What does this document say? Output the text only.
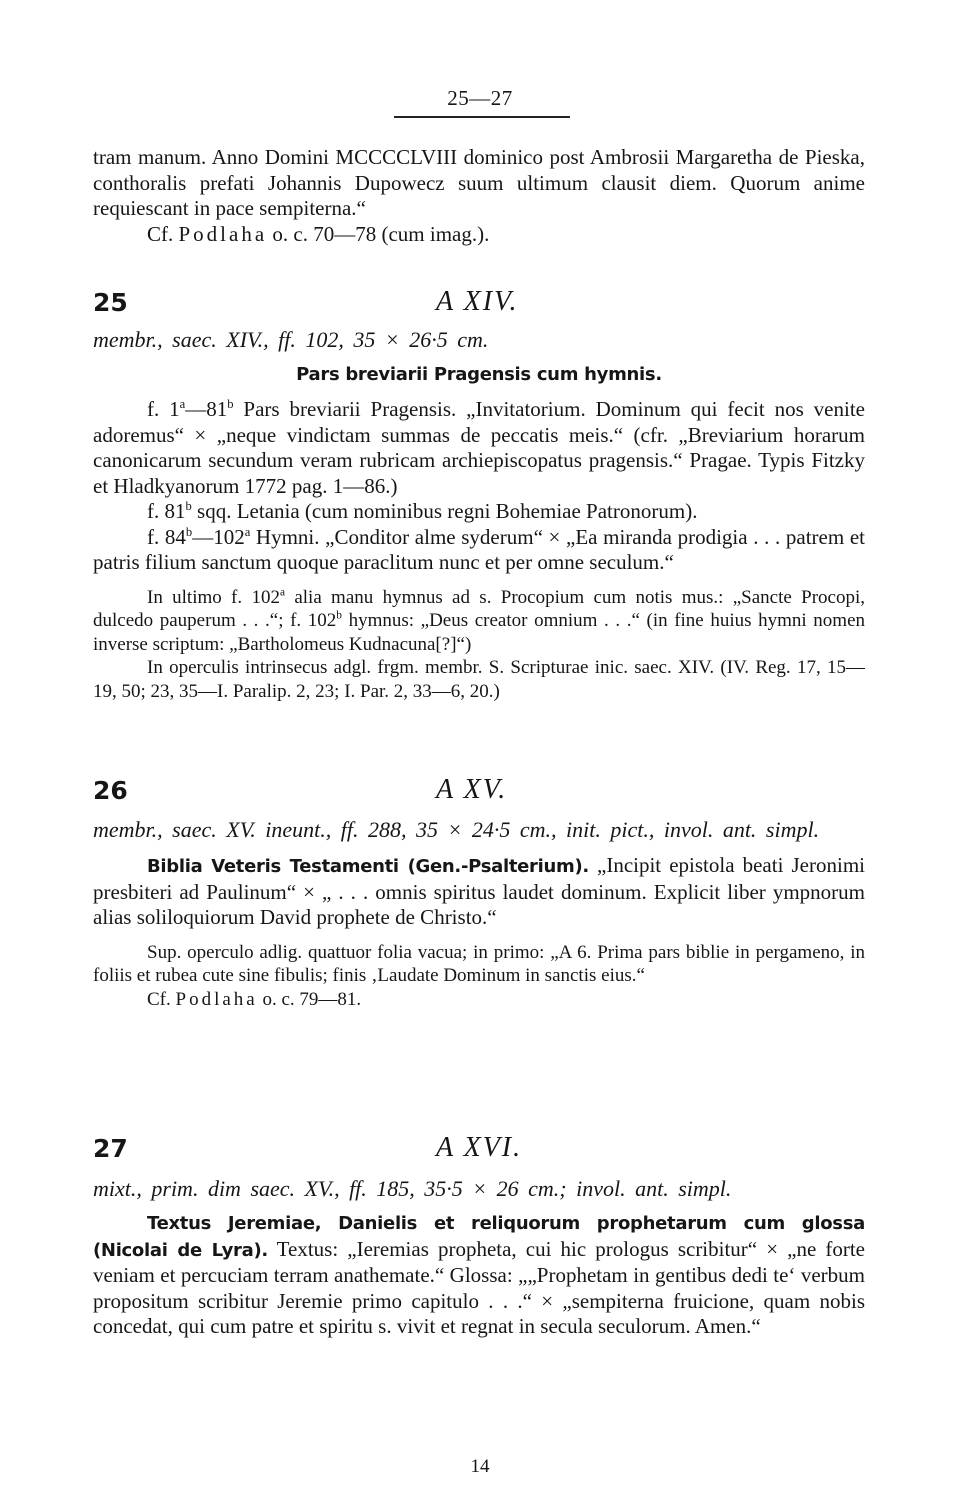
25—27

tram manum. Anno Domini MCCCCLVIII dominico post Ambrosii Margaretha de Pieska, conthoralis prefati Johannis Dupowecz suum ultimum clausit diem. Quorum anime requiescant in pace sempiterna.“

Cf. Podlaha o. c. 70—78 (cum imag.).

25	A XIV.

membr., saec. XIV., ff. 102, 35 × 26·5 cm.

Pars breviarii Pragensis cum hymnis.

f. 1$^a$—81$^b$ Pars breviarii Pragensis. „Invitatorium. Dominum qui fecit nos venite adoremus“ × „neque vindictam summas de peccatis meis.“ (cfr. „Breviarium horarum canonicarum secundum veram rubricam archiepiscopatus pragensis.“ Pragae. Typis Fitzky et Hladkyanorum 1772 pag. 1—86.)

f. 81$^b$ sqq. Letania (cum nominibus regni Bohemiae Patronorum).

f. 84$^b$—102$^a$ Hymni. „Conditor alme syderum“ × „Ea miranda prodigia . . . patrem et patris filium sanctum quoque paraclitum nunc et per omne seculum.“

In ultimo f. 102$^a$ alia manu hymnus ad s. Procopium cum notis mus.: „Sancte Procopi, dulcedo pauperum . . .“; f. 102$^b$ hymnus: „Deus creator omnium . . .“ (in fine huius hymni nomen inverse scriptum: „Bartholomeus Kudnacuna[?]“)

In operculis intrinsecus adgl. frgm. membr. S. Scripturae inic. saec. XIV. (IV. Reg. 17, 15—19, 50; 23, 35—I. Paralip. 2, 23; I. Par. 2, 33—6, 20.)

26	A XV.

membr., saec. XV. ineunt., ff. 288, 35 × 24·5 cm., init. pict., invol. ant. simpl.

Biblia Veteris Testamenti (Gen.-Psalterium). „Incipit epistola beati Jeronimi presbiteri ad Paulinum“ × „ . . . omnis spiritus laudet dominum. Explicit liber ympnorum alias soliloquiorum David prophete de Christo.“

Sup. operculo adlig. quattuor folia vacua; in primo: „A 6. Prima pars biblie in pergameno, in foliis et rubea cute sine fibulis; finis ‚Laudate Dominum in sanctis eius.“

Cf. Podlaha o. c. 79—81.

27	A XVI.

mixt., prim. dim saec. XV., ff. 185, 35·5 × 26 cm.; invol. ant. simpl.

Textus Jeremiae, Danielis et reliquorum prophetarum cum glossa (Nicolai de Lyra). Textus: „Ieremias propheta, cui hic prologus scribitur“ × „ne forte veniam et percuciam terram anathemate.“ Glossa: „„Prophetam in gentibus dedi te‘ verbum propositum scribitur Jeremie primo capitulo . . .“ × „sempiterna fruicione, quam nobis concedat, qui cum patre et spiritu s. vivit et regnat in secula seculorum. Amen.“

14
